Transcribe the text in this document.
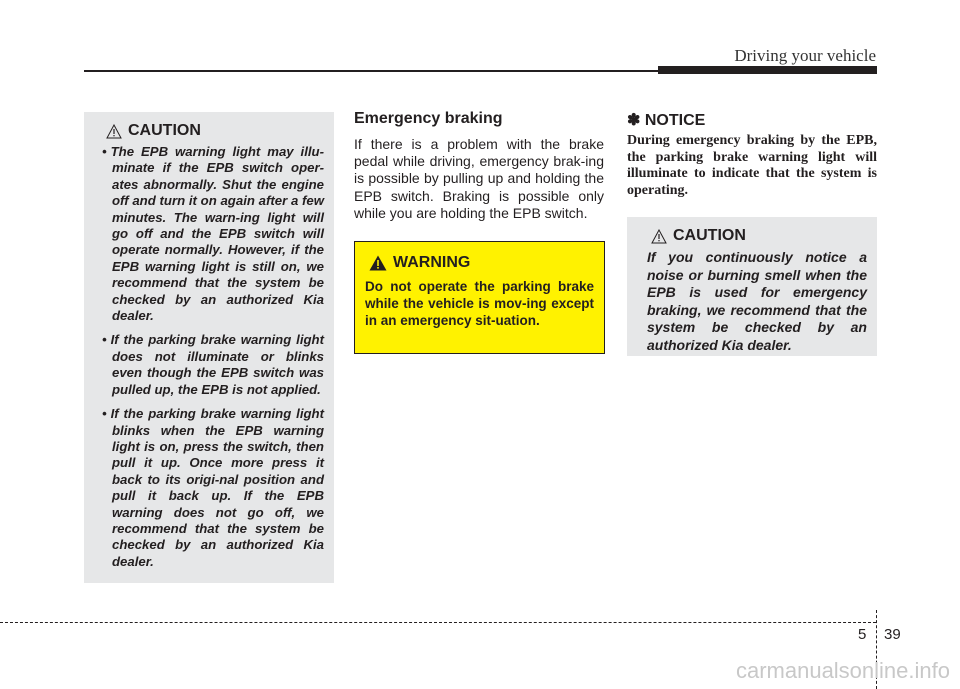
Driving your vehicle
CAUTION
• The EPB warning light may illu-minate if the EPB switch oper-ates abnormally. Shut the engine off and turn it on again after a few minutes. The warn-ing light will go off and the EPB switch will operate normally. However, if the EPB warning light is still on, we recommend that the system be checked by an authorized Kia dealer.
• If the parking brake warning light does not illuminate or blinks even though the EPB switch was pulled up, the EPB is not applied.
• If the parking brake warning light blinks when the EPB warning light is on, press the switch, then pull it up. Once more press it back to its origi-nal position and pull it back up. If the EPB warning does not go off, we recommend that the system be checked by an authorized Kia dealer.
Emergency braking

If there is a problem with the brake pedal while driving, emergency brak-ing is possible by pulling up and holding the EPB switch. Braking is possible only while you are holding the EPB switch.

WARNING

Do not operate the parking brake while the vehicle is mov-ing except in an emergency sit-uation.

✽ NOTICE

During emergency braking by the EPB, the parking brake warning light will illuminate to indicate that the system is operating.

CAUTION

If you continuously notice a noise or burning smell when the EPB is used for emergency braking, we recommend that the system be checked by an authorized Kia dealer.

5 39
carmanualsonline.info
